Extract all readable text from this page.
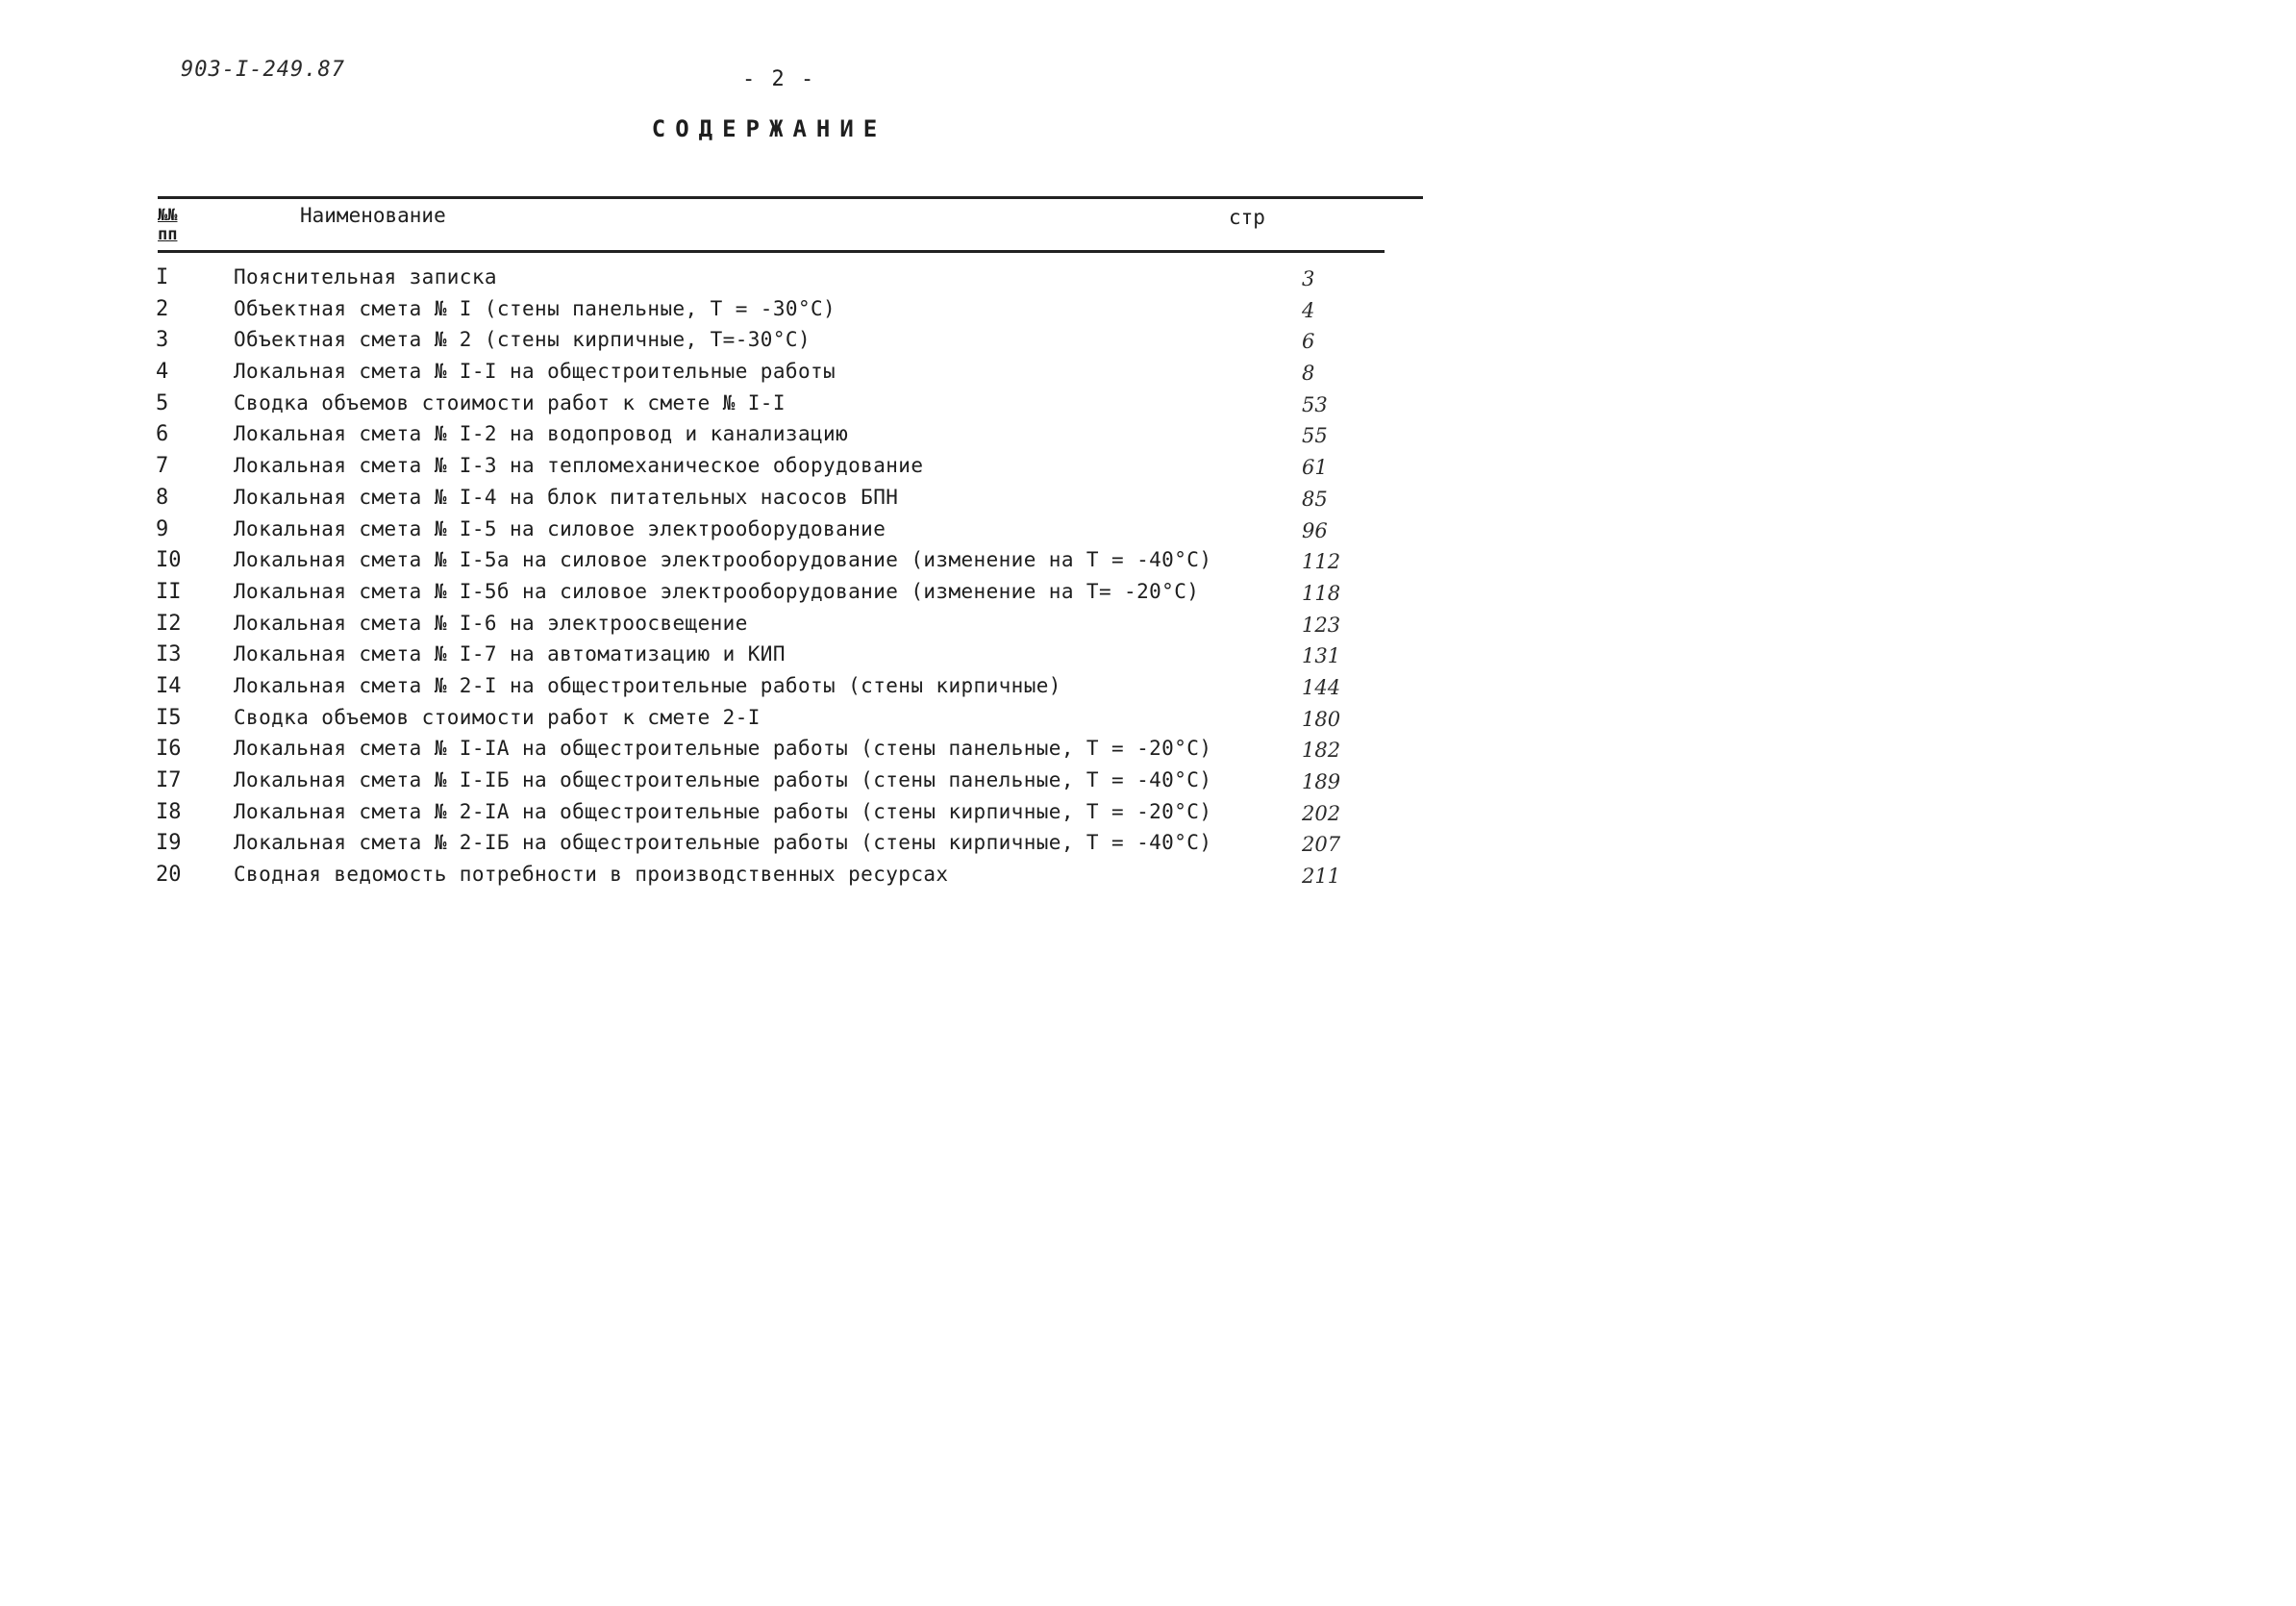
903-I-249.87	- 2 -
СОДЕРЖАНИЕ
№№
пп
Наименование	стр
I	Пояснительная записка	3
2	Объектная смета № I (стены панельные, Т = -30°С)	4
3	Объектная смета № 2 (стены кирпичные, Т=-30°С)	6
4	Локальная смета № I-I на общестроительные работы	8
5	Сводка объемов стоимости работ к смете № I-I	53
6	Локальная смета № I-2 на водопровод и канализацию	55
7	Локальная смета № I-3 на тепломеханическое оборудование	61
8	Локальная смета № I-4 на блок питательных насосов БПН	85
9	Локальная смета № I-5 на силовое электрооборудование	96
I0	Локальная смета № I-5а на силовое электрооборудование (изменение на Т = -40°С)	112
II	Локальная смета № I-5б на силовое электрооборудование (изменение на Т= -20°С)	118
I2	Локальная смета № I-6 на электроосвещение	123
I3	Локальная смета № I-7 на автоматизацию и КИП	131
I4	Локальная смета № 2-I на общестроительные работы (стены кирпичные)	144
I5	Сводка объемов стоимости работ к смете 2-I	180
I6	Локальная смета № I-IА на общестроительные работы (стены панельные, Т = -20°С)	182
I7	Локальная смета № I-IБ на общестроительные работы (стены панельные, Т = -40°С)	189
I8	Локальная смета № 2-IА на общестроительные работы (стены кирпичные, Т = -20°С)	202
I9	Локальная смета № 2-IБ на общестроительные работы (стены кирпичные, Т = -40°С)	207
20	Сводная ведомость потребности в производственных ресурсах	211
